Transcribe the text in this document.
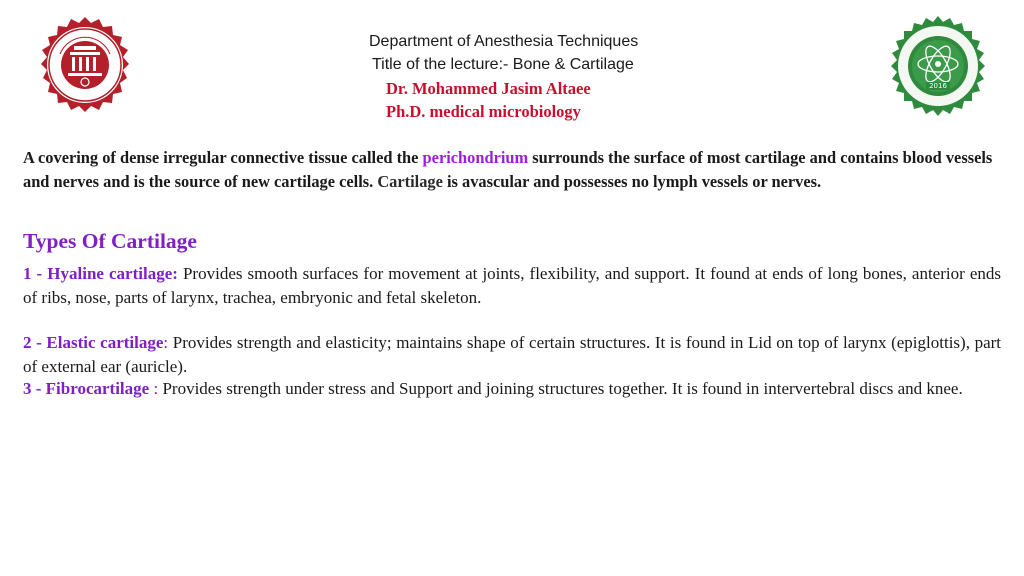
2016
Department of Anesthesia Techniques
Title of the lecture:- Bone & Cartilage
Dr. Mohammed Jasim Altaee
Ph.D. medical microbiology
A covering of dense irregular connective tissue called the perichondrium surrounds the surface of most cartilage and contains blood vessels and nerves and is the source of new cartilage cells. Cartilage is avascular and possesses no lymph vessels or nerves.
Types Of Cartilage
1 - Hyaline cartilage: Provides smooth surfaces for movement at joints, flexibility, and support. It found at ends of long bones, anterior ends of ribs, nose, parts of larynx, trachea, embryonic and fetal skeleton.
2 - Elastic cartilage: Provides strength and elasticity; maintains shape of certain structures. It is found in Lid on top of larynx (epiglottis), part of external ear (auricle).
3 - Fibrocartilage : Provides strength under stress and Support and joining structures together. It is found in intervertebral discs and knee.
